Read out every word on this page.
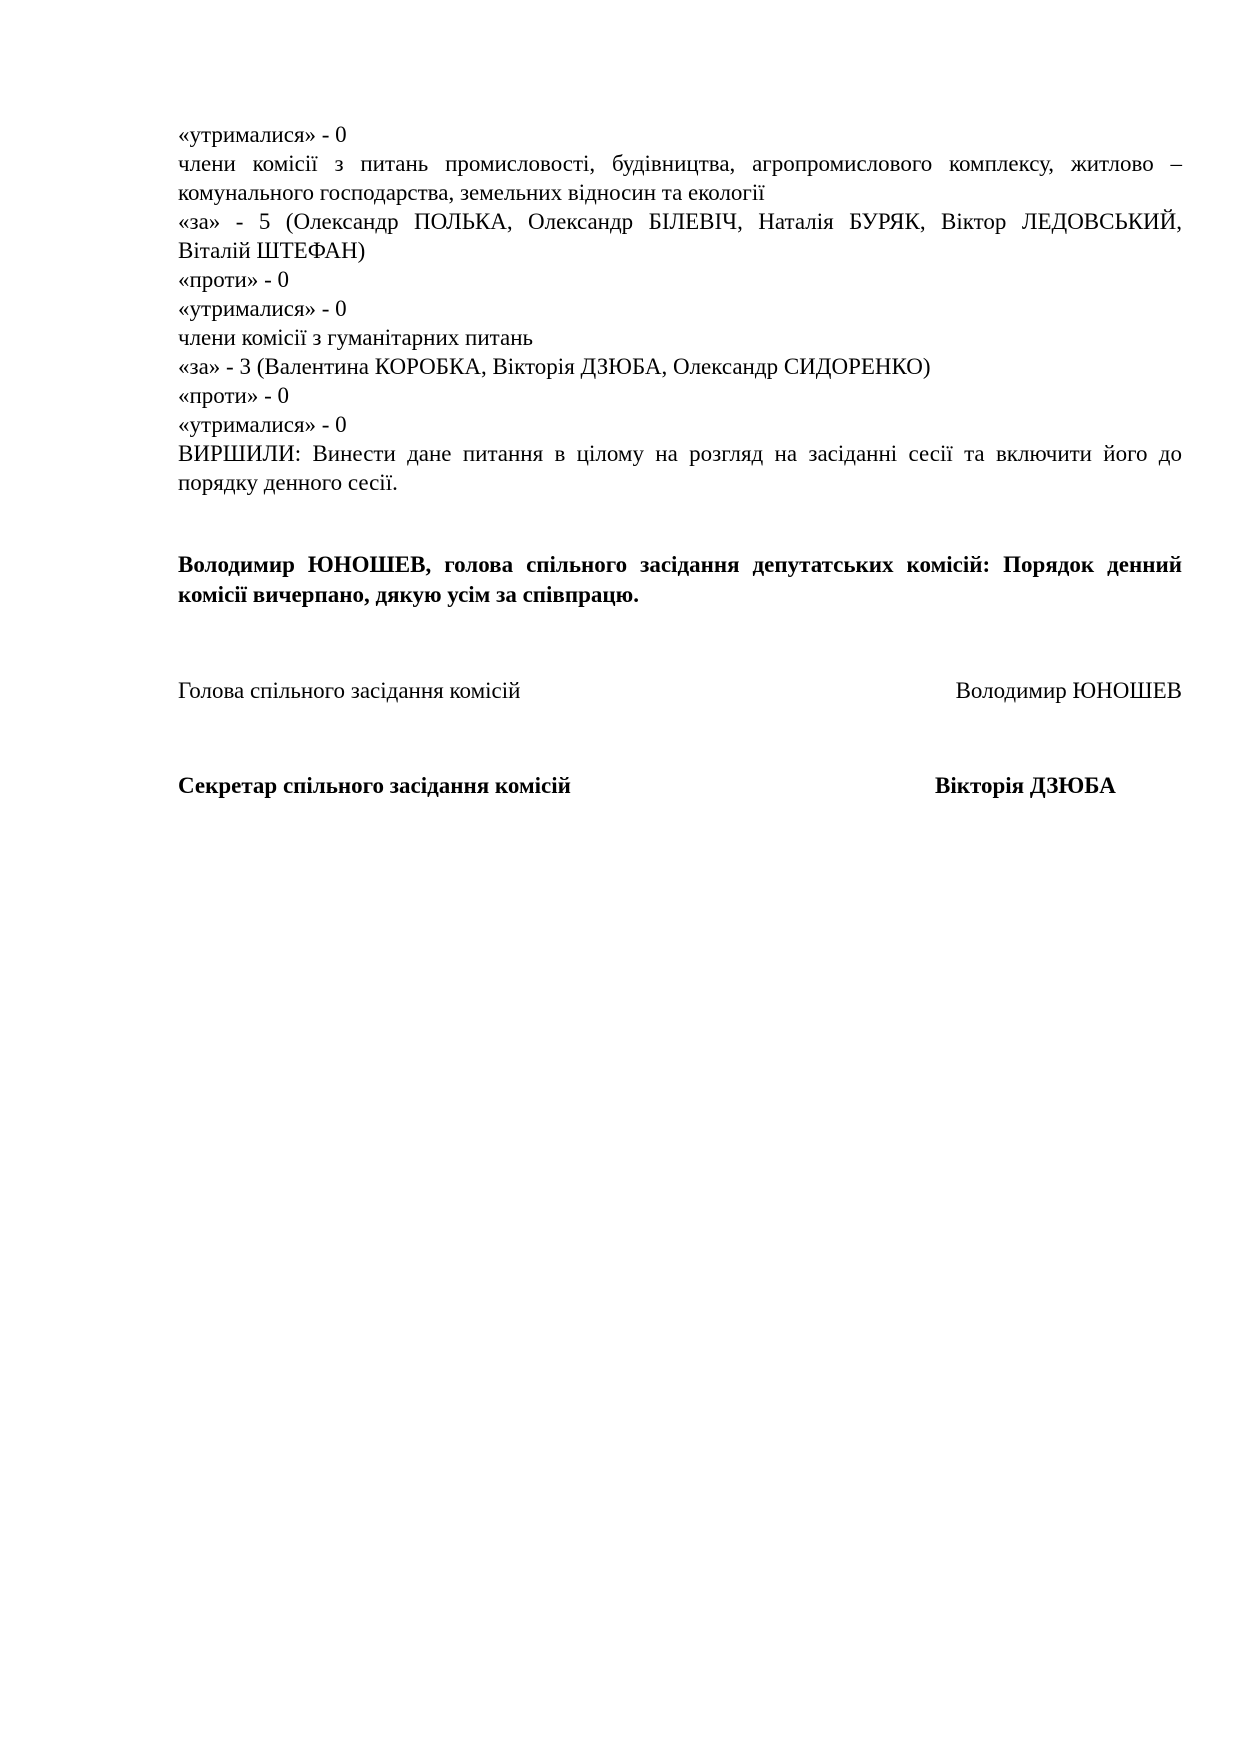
«утрималися» - 0
члени комісії з питань промисловості, будівництва, агропромислового комплексу, житлово –
комунального господарства, земельних відносин та екології
«за» - 5 (Олександр ПОЛЬКА, Олександр БІЛЕВІЧ, Наталія БУРЯК, Віктор ЛЕДОВСЬКИЙ,
Віталій ШТЕФАН)
«проти» - 0
«утрималися» - 0
члени комісії з гуманітарних питань
«за» - 3 (Валентина КОРОБКА, Вікторія ДЗЮБА, Олександр СИДОРЕНКО)
«проти» - 0
«утрималися» - 0
ВИРШИЛИ: Винести дане питання в цілому на розгляд на засіданні сесії та включити його до
порядку денного сесії.
Володимир ЮНОШЕВ, голова спільного засідання депутатських комісій: Порядок денний
комісії вичерпано, дякую усім за співпрацю.
Голова спільного засідання комісій	Володимир ЮНОШЕВ
Секретар спільного засідання комісій	Вікторія ДЗЮБА
